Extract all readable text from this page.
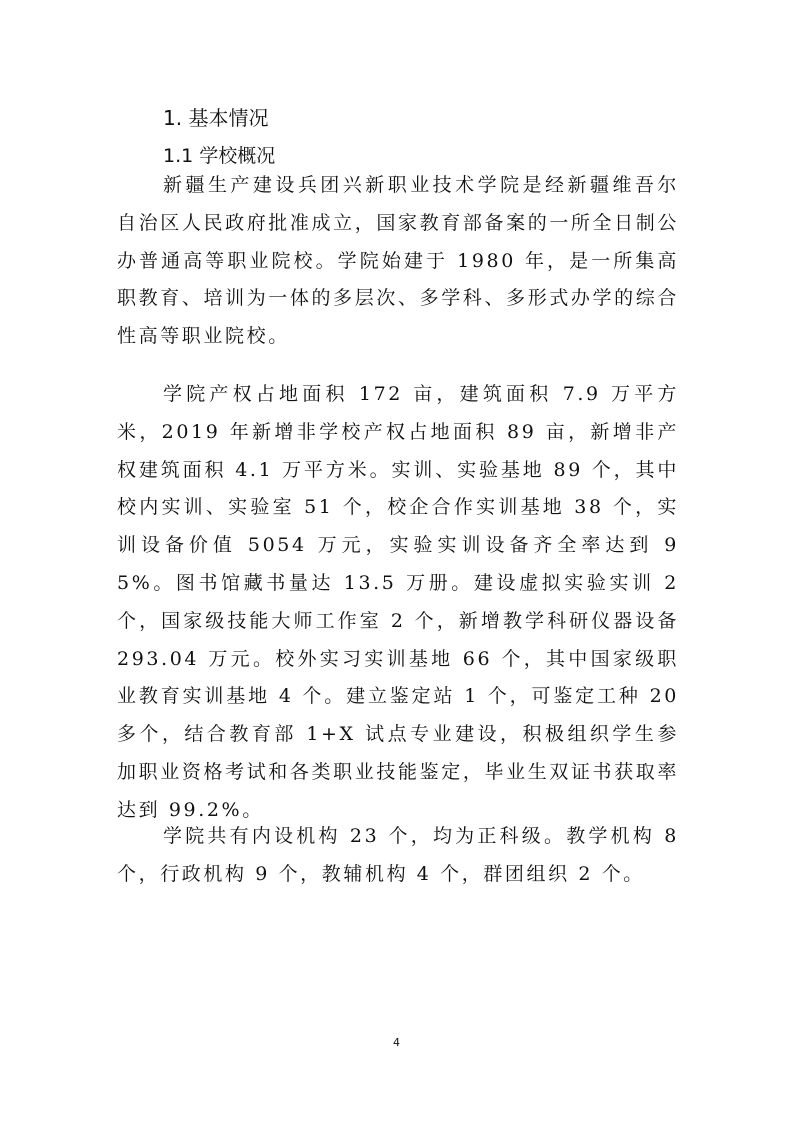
1. 基本情况
1.1 学校概况

新疆生产建设兵团兴新职业技术学院是经新疆维吾尔自治区人民政府批准成立，国家教育部备案的一所全日制公办普通高等职业院校。学院始建于 1980 年，是一所集高职教育、培训为一体的多层次、多学科、多形式办学的综合性高等职业院校。

学院产权占地面积 172 亩，建筑面积 7.9 万平方米，2019 年新增非学校产权占地面积 89 亩，新增非产权建筑面积 4.1 万平方米。实训、实验基地 89 个，其中校内实训、实验室 51 个，校企合作实训基地 38 个，实训设备价值 5054 万元，实验实训设备齐全率达到 95%。图书馆藏书量达 13.5 万册。建设虚拟实验实训 2 个，国家级技能大师工作室 2 个，新增教学科研仪器设备 293.04 万元。校外实习实训基地 66 个，其中国家级职业教育实训基地 4 个。建立鉴定站 1 个，可鉴定工种 20 多个，结合教育部 1+X 试点专业建设，积极组织学生参加职业资格考试和各类职业技能鉴定，毕业生双证书获取率达到 99.2%。

学院共有内设机构 23 个，均为正科级。教学机构 8 个，行政机构 9 个，教辅机构 4 个，群团组织 2 个。

4
